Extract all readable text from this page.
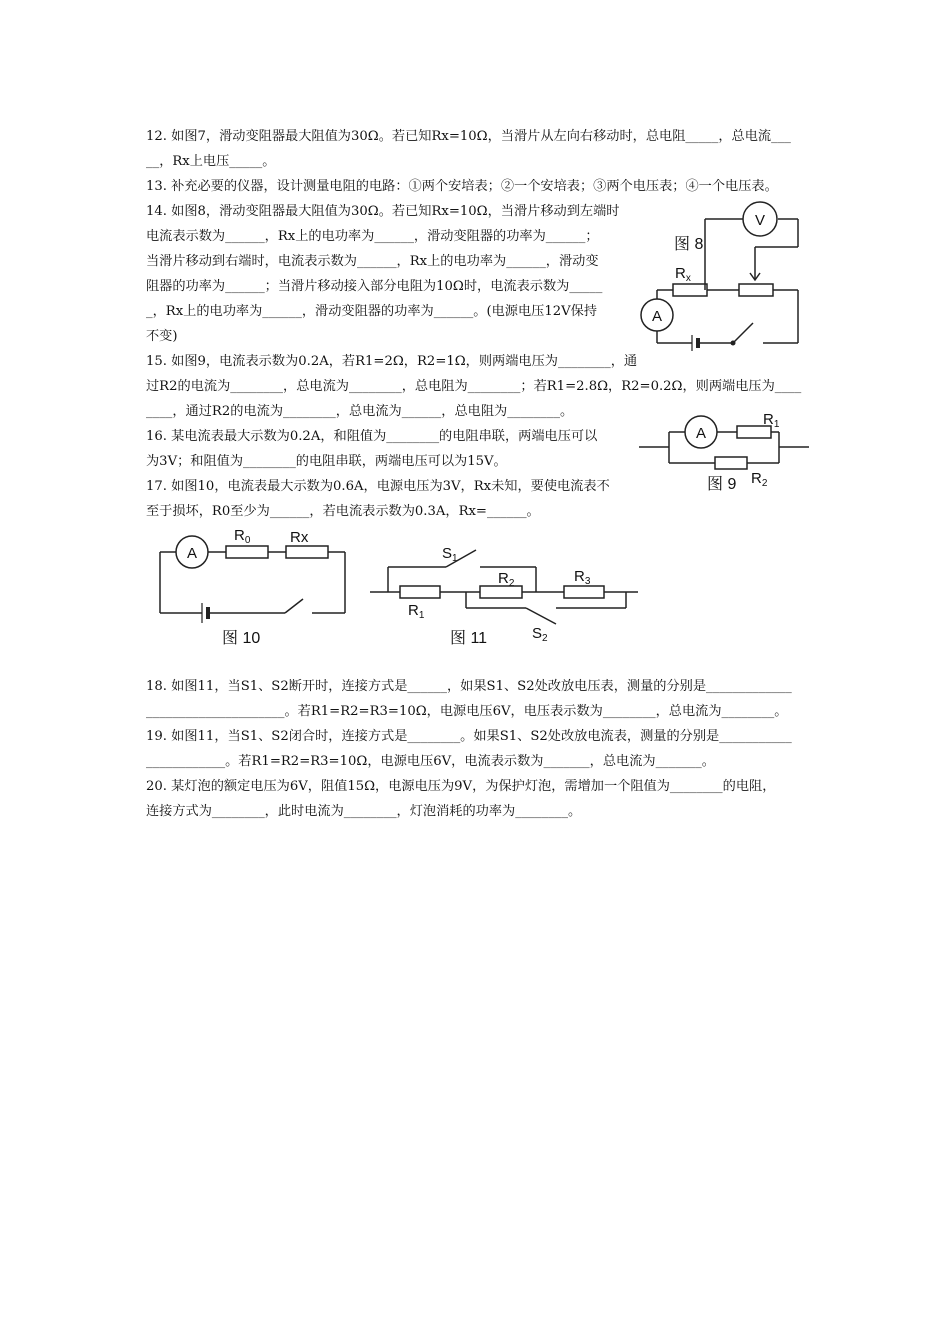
12. 如图7，滑动变阻器最大阻值为30Ω。若已知Rx=10Ω，当滑片从左向右移动时，总电阻_____，总电流___
__，Rx上电压_____。
13. 补充必要的仪器，设计测量电阻的电路：①两个安培表；②一个安培表；③两个电压表；④一个电压表。
14. 如图8，滑动变阻器最大阻值为30Ω。若已知Rx=10Ω，当滑片移动到左端时
电流表示数为______，Rx上的电功率为______，滑动变阻器的功率为______；
当滑片移动到右端时，电流表示数为______，Rx上的电功率为______，滑动变
阻器的功率为______；当滑片移动接入部分电阻为10Ω时，电流表示数为_____
_，Rx上的电功率为______，滑动变阻器的功率为______。(电源电压12V保持
不变)
15. 如图9，电流表示数为0.2A，若R1=2Ω，R2=1Ω，则两端电压为________，通
过R2的电流为________，总电流为________，总电阻为________；若R1=2.8Ω，R2=0.2Ω，则两端电压为____
____，通过R2的电流为________，总电流为______，总电阻为________。
16. 某电流表最大示数为0.2A，和阻值为________的电阻串联，两端电压可以
为3V；和阻值为________的电阻串联，两端电压可以为15V。
17. 如图10，电流表最大示数为0.6A，电源电压为3V，Rx未知，要使电流表不
至于损坏，R0至少为______，若电流表示数为0.3A，Rx=______。
18. 如图11，当S1、S2断开时，连接方式是______，如果S1、S2处改放电压表，测量的分别是_____________
_____________________。若R1=R2=R3=10Ω，电源电压6V，电压表示数为________，总电流为________。
19. 如图11，当S1、S2闭合时，连接方式是________。如果S1、S2处改放电流表，测量的分别是___________
____________。若R1=R2=R3=10Ω，电源电压6V，电流表示数为_______，总电流为_______。
20. 某灯泡的额定电压为6V，阻值15Ω，电源电压为9V，为保护灯泡，需增加一个阻值为________的电阻，
连接方式为________，此时电流为________，灯泡消耗的功率为________。
V
A
$R_x$
图 8
A
$R_1$
$R_2$
图 9
A
$R_0$	Rx
图 10
$S_1$
$R_1$
$R_2$	$R_3$
$S_2$
图 11
